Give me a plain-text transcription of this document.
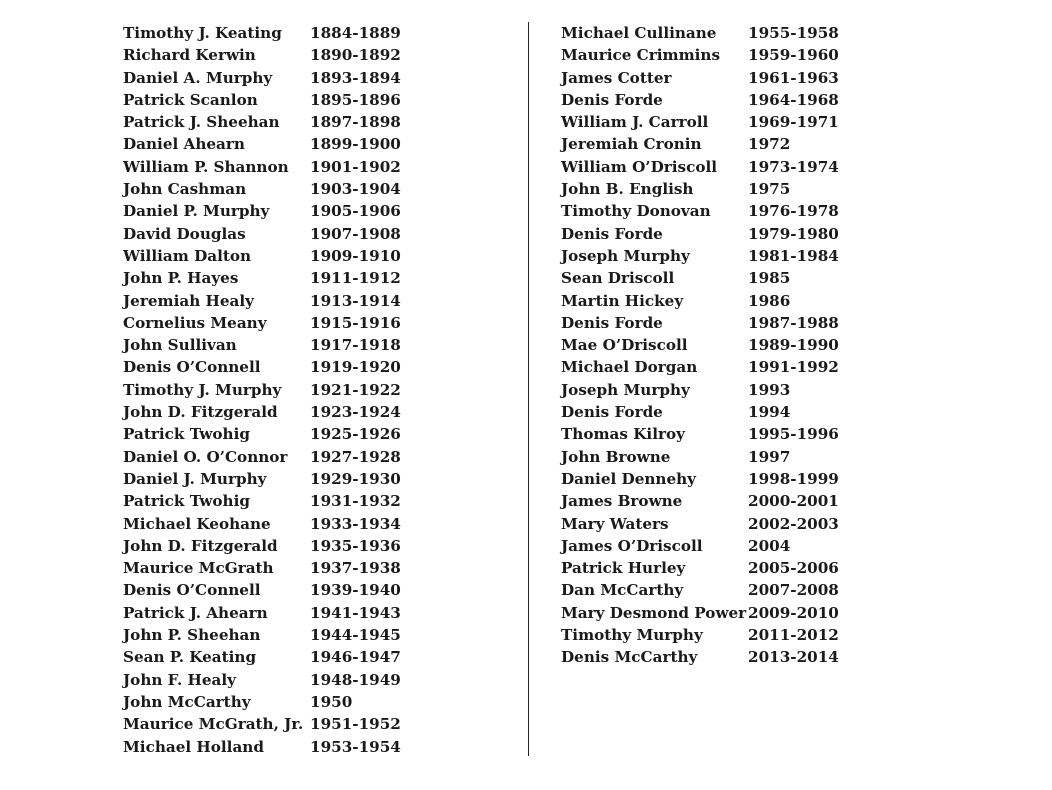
Timothy J. Keating	1884-1889
Richard Kerwin	1890-1892
Daniel A. Murphy	1893-1894
Patrick Scanlon	1895-1896
Patrick J. Sheehan	1897-1898
Daniel Ahearn	1899-1900
William P. Shannon	1901-1902
John Cashman	1903-1904
Daniel P. Murphy	1905-1906
David Douglas	1907-1908
William Dalton	1909-1910
John P. Hayes	1911-1912
Jeremiah Healy	1913-1914
Cornelius Meany	1915-1916
John Sullivan	1917-1918
Denis O’Connell	1919-1920
Timothy J. Murphy	1921-1922
John D. Fitzgerald	1923-1924
Patrick Twohig	1925-1926
Daniel O. O’Connor	1927-1928
Daniel J. Murphy	1929-1930
Patrick Twohig	1931-1932
Michael Keohane	1933-1934
John D. Fitzgerald	1935-1936
Maurice McGrath	1937-1938
Denis O’Connell	1939-1940
Patrick J. Ahearn	1941-1943
John P. Sheehan	1944-1945
Sean P. Keating	1946-1947
John F. Healy	1948-1949
John McCarthy	1950
Maurice McGrath, Jr. 1951-1952
Michael Holland	1953-1954
Michael Cullinane	1955-1958
Maurice Crimmins	1959-1960
James Cotter	1961-1963
Denis Forde	1964-1968
William J. Carroll	1969-1971
Jeremiah Cronin	1972
William O’Driscoll	1973-1974
John B. English	1975
Timothy Donovan	1976-1978
Denis Forde	1979-1980
Joseph Murphy	1981-1984
Sean Driscoll	1985
Martin Hickey	1986
Denis Forde	1987-1988
Mae O’Driscoll	1989-1990
Michael Dorgan	1991-1992
Joseph Murphy	1993
Denis Forde	1994
Thomas Kilroy	1995-1996
John Browne	1997
Daniel Dennehy	1998-1999
James Browne	2000-2001
Mary Waters	2002-2003
James O’Driscoll	2004
Patrick Hurley	2005-2006
Dan McCarthy	2007-2008
Mary Desmond Power 2009-2010
Timothy Murphy	2011-2012
Denis McCarthy	2013-2014
